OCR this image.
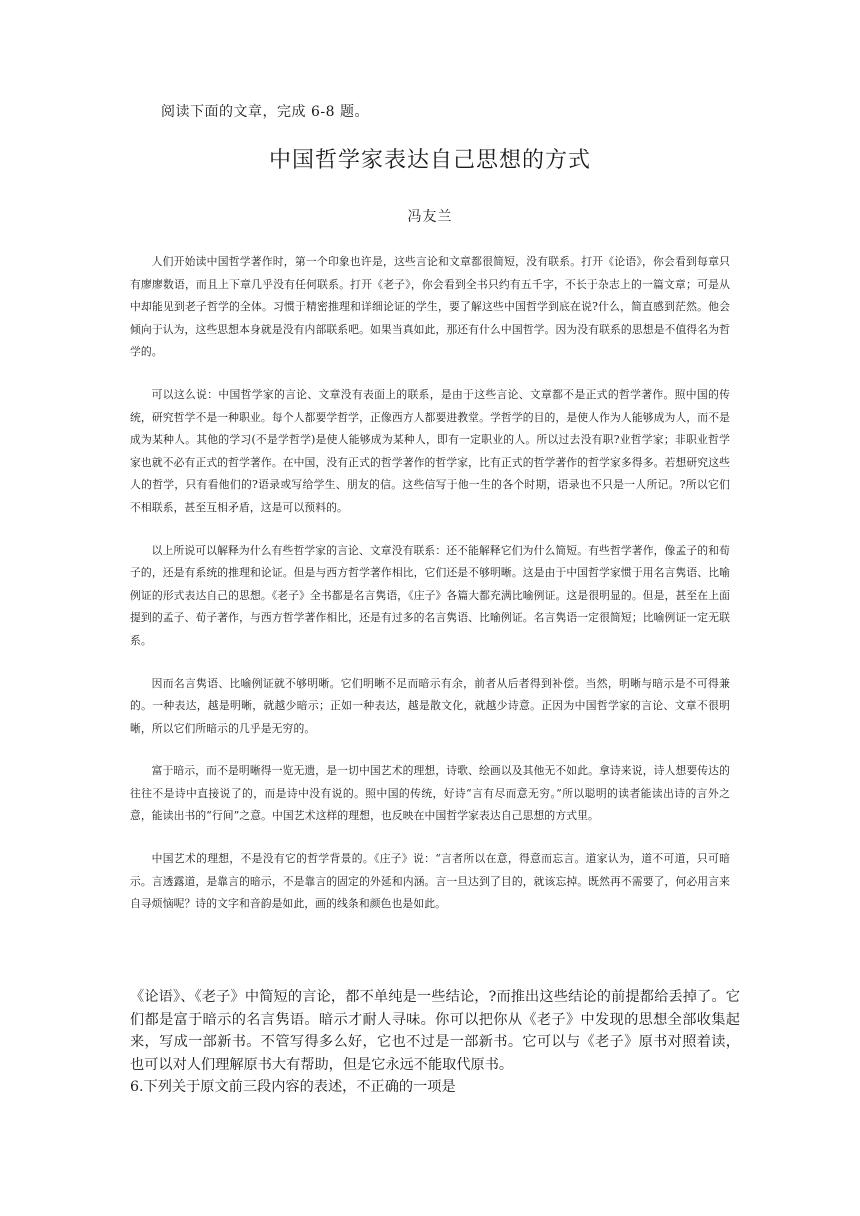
阅读下面的文章，完成 6-8 题。
中国哲学家表达自己思想的方式
冯友兰

人们开始读中国哲学著作时，第一个印象也许是，这些言论和文章都很简短，没有联系。打开《论语》，你会看到每章只有廖廖数语，而且上下章几乎没有任何联系。打开《老子》，你会看到全书只约有五千字，不长于杂志上的一篇文章；可是从中却能见到老子哲学的全体。习惯于精密推理和详细论证的学生，要了解这些中国哲学到底在说?什么，简直感到茫然。他会倾向于认为，这些思想本身就是没有内部联系吧。如果当真如此，那还有什么中国哲学。因为没有联系的思想是不值得名为哲学的。

可以这么说：中国哲学家的言论、文章没有表面上的联系，是由于这些言论、文章都不是正式的哲学著作。照中国的传统，研究哲学不是一种职业。每个人都要学哲学，正像西方人都要进教堂。学哲学的目的，是使人作为人能够成为人，而不是成为某种人。其他的学习(不是学哲学)是使人能够成为某种人，即有一定职业的人。所以过去没有职?业哲学家；非职业哲学家也就不必有正式的哲学著作。在中国，没有正式的哲学著作的哲学家，比有正式的哲学著作的哲学家多得多。若想研究这些人的哲学，只有看他们的?语录或写给学生、朋友的信。这些信写于他一生的各个时期，语录也不只是一人所记。?所以它们不相联系，甚至互相矛盾，这是可以预料的。

以上所说可以解释为什么有些哲学家的言论、文章没有联系：还不能解释它们为什么简短。有些哲学著作，像孟子的和荀子的，还是有系统的推理和论证。但是与西方哲学著作相比，它们还是不够明晰。这是由于中国哲学家惯于用名言隽语、比喻例证的形式表达自己的思想。《老子》全书都是名言隽语，《庄子》各篇大都充满比喻例证。这是很明显的。但是，甚至在上面提到的孟子、荀子著作，与西方哲学著作相比，还是有过多的名言隽语、比喻例证。名言隽语一定很简短；比喻例证一定无联系。

因而名言隽语、比喻例证就不够明晰。它们明晰不足而暗示有余，前者从后者得到补偿。当然，明晰与暗示是不可得兼的。一种表达，越是明晰，就越少暗示；正如一种表达，越是散文化，就越少诗意。正因为中国哲学家的言论、文章不很明晰，所以它们所暗示的几乎是无穷的。

富于暗示，而不是明晰得一览无遗，是一切中国艺术的理想，诗歌、绘画以及其他无不如此。拿诗来说，诗人想要传达的往往不是诗中直接说了的，而是诗中没有说的。照中国的传统，好诗“言有尽而意无穷。”所以聪明的读者能读出诗的言外之意，能读出书的“行间”之意。中国艺术这样的理想，也反映在中国哲学家表达自己思想的方式里。

中国艺术的理想，不是没有它的哲学背景的。《庄子》说：“言者所以在意，得意而忘言。道家认为，道不可道，只可暗示。言透露道，是靠言的暗示，不是靠言的固定的外延和内涵。言一旦达到了目的，就该忘掉。既然再不需要了，何必用言来自寻烦恼呢？诗的文字和音韵是如此，画的线条和颜色也是如此。

《论语》、《老子》中简短的言论，都不单纯是一些结论，?而推出这些结论的前提都给丢掉了。它们都是富于暗示的名言隽语。暗示才耐人寻味。你可以把你从《老子》中发现的思想全部收集起来，写成一部新书。不管写得多么好，它也不过是一部新书。它可以与《老子》原书对照着读，也可以对人们理解原书大有帮助，但是它永远不能取代原书。

6.下列关于原文前三段内容的表述，不正确的一项是
